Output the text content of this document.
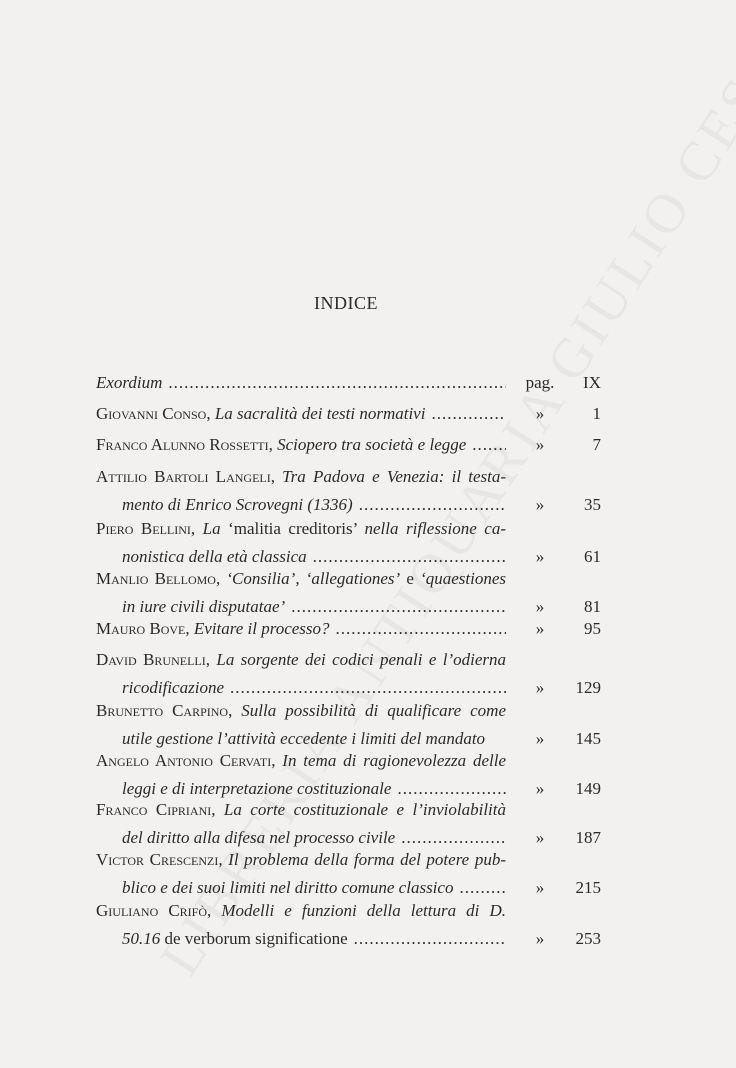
INDICE
Exordium .....	pag.	IX
Giovanni Conso, La sacralità dei testi normativi .....	»	1
Franco Alunno Rossetti, Sciopero tra società e legge .....	»	7
Attilio Bartoli Langeli, Tra Padova e Venezia: il testa-
mento di Enrico Scrovegni (1336) .....	»	35
Piero Bellini, La ‘malitia creditoris’ nella riflessione ca-
nonistica della età classica .....	»	61
Manlio Bellomo, ‘Consilia’, ‘allegationes’ e ‘quaestiones
in iure civili disputatae’ .....	»	81
Mauro Bove, Evitare il processo? .....	»	95
David Brunelli, La sorgente dei codici penali e l’odierna
ricodificazione .....	»	129
Brunetto Carpino, Sulla possibilità di qualificare come
utile gestione l’attività eccedente i limiti del mandato	»	145
Angelo Antonio Cervati, In tema di ragionevolezza delle
leggi e di interpretazione costituzionale .....	»	149
Franco Cipriani, La corte costituzionale e l’inviolabilità
del diritto alla difesa nel processo civile .....	»	187
Victor Crescenzi, Il problema della forma del potere pub-
blico e dei suoi limiti nel diritto comune classico .....	»	215
Giuliano Crifò, Modelli e funzioni della lettura di D.
50.16 de verborum significatione .....	»	253
